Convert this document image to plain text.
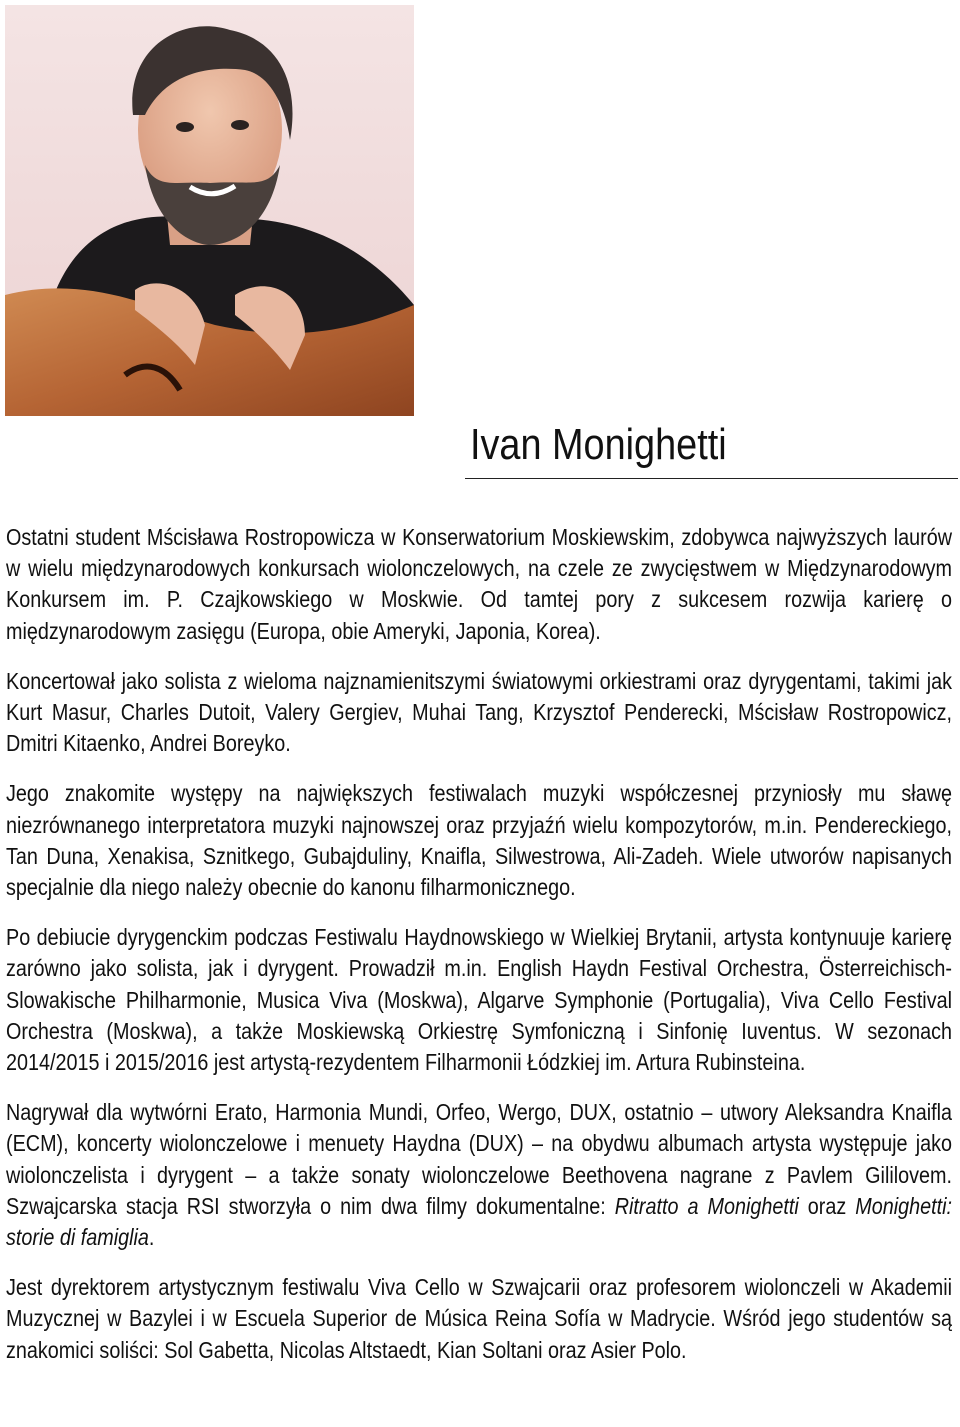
Ivan Monighetti

Ostatni student Mścisława Rostropowicza w Konserwatorium Moskiewskim, zdobywca najwyższych laurów w wielu międzynarodowych konkursach wiolonczelowych, na czele ze zwycięstwem w Międzynarodowym Konkursem im. P. Czajkowskiego w Moskwie. Od tamtej pory z sukcesem rozwija karierę o międzynarodowym zasięgu (Europa, obie Ameryki, Japonia, Korea).

Koncertował jako solista z wieloma najznamienitszymi światowymi orkiestrami oraz dyrygentami, takimi jak Kurt Masur, Charles Dutoit, Valery Gergiev, Muhai Tang, Krzysztof Penderecki, Mścisław Rostropowicz, Dmitri Kitaenko, Andrei Boreyko.

Jego znakomite występy na największych festiwalach muzyki współczesnej przyniosły mu sławę niezrównanego interpretatora muzyki najnowszej oraz przyjaźń wielu kompozytorów, m.in. Pendereckiego, Tan Duna, Xenakisa, Sznitkego, Gubajduliny, Knaifla, Silwestrowa, Ali-Zadeh. Wiele utworów napisanych specjalnie dla niego należy obecnie do kanonu filharmonicznego.

Po debiucie dyrygenckim podczas Festiwalu Haydnowskiego w Wielkiej Brytanii, artysta kontynuuje karierę zarówno jako solista, jak i dyrygent. Prowadził m.in. English Haydn Festival Orchestra, Österreichisch-Slowakische Philharmonie, Musica Viva (Moskwa), Algarve Symphonie (Portugalia), Viva Cello Festival Orchestra (Moskwa), a także Moskiewską Orkiestrę Symfoniczną i Sinfonię Iuventus. W sezonach 2014/2015 i 2015/2016 jest artystą-rezydentem Filharmonii Łódzkiej im. Artura Rubinsteina.

Nagrywał dla wytwórni Erato, Harmonia Mundi, Orfeo, Wergo, DUX, ostatnio – utwory Aleksandra Knaifla (ECM), koncerty wiolonczelowe i menuety Haydna (DUX) – na obydwu albumach artysta występuje jako wiolonczelista i dyrygent – a także sonaty wiolonczelowe Beethovena nagrane z Pavlem Gililovem. Szwajcarska stacja RSI stworzyła o nim dwa filmy dokumentalne: Ritratto a Monighetti oraz Monighetti: storie di famiglia.

Jest dyrektorem artystycznym festiwalu Viva Cello w Szwajcarii oraz profesorem wiolonczeli w Akademii Muzycznej w Bazylei i w Escuela Superior de Música Reina Sofía w Madrycie. Wśród jego studentów są znakomici soliści: Sol Gabetta, Nicolas Altstaedt, Kian Soltani oraz Asier Polo.
